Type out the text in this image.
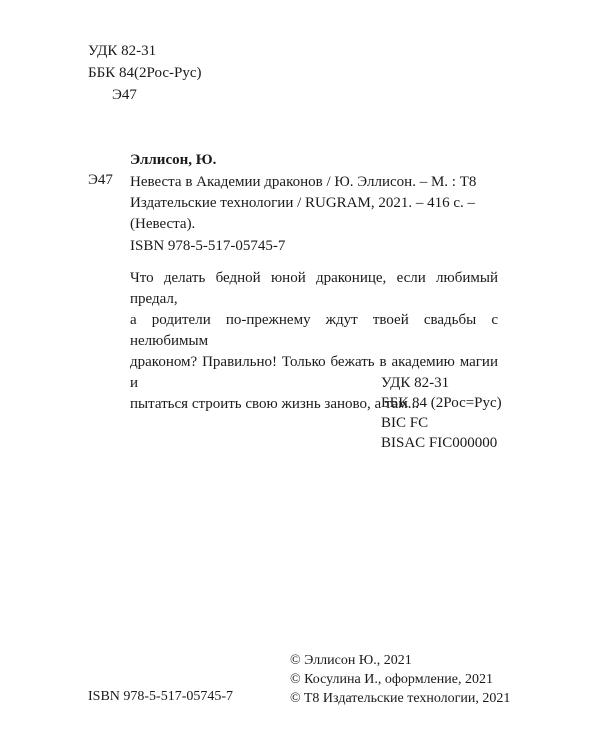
УДК 82-31
ББК 84(2Рос-Рус)
Э47
Эллисон, Ю.
Э47 Невеста в Академии драконов / Ю. Эллисон. – М. : T8
Издательские технологии / RUGRAM, 2021. – 416 с. –
(Невеста).
ISBN 978-5-517-05745-7
Что делать бедной юной драконице, если любимый предал,
а родители по-прежнему ждут твоей свадьбы с нелюбимым
драконом? Правильно! Только бежать в академию магии и
пытаться строить свою жизнь заново, а там...
УДК 82-31
ББК 84 (2Рос=Рус)
BIC FC
BISAC FIC000000
© Эллисон Ю., 2021
© Косулина И., оформление, 2021
© T8 Издательские технологии, 2021
ISBN 978-5-517-05745-7
